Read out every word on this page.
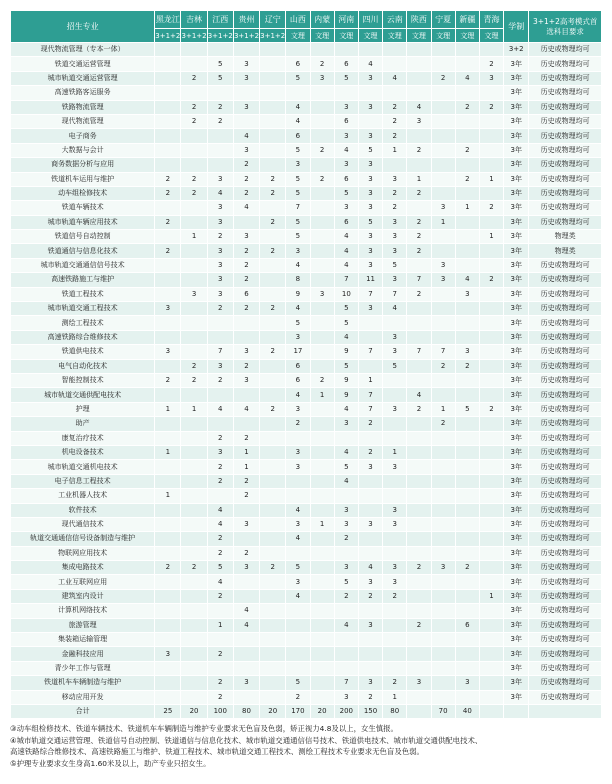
招生专业	黑龙江	吉林	江西	贵州	辽宁	山西	内蒙	河南	四川	云南	陕西	宁夏	新疆	青海	学制	3+1+2高考模式首选科目要求
	3+1+2	3+1+2	3+1+2	3+1+2	3+1+2	文理	文理	文理	文理	文理	文理	文理	文理	文理		
现代物流管理（专本一体）															3+2	历史或物理均可
铁道交通运营管理			5	3		6	2	6	4					2	3年	历史或物理均可
城市轨道交通运营管理		2	5	3		5	3	5	3	4		2	4	3	3年	历史或物理均可
高速铁路客运服务															3年	历史或物理均可
铁路物流管理		2	2	3		4		3	3	2	4		2	2	3年	历史或物理均可
现代物流管理		2	2			4		6		2	3				3年	历史或物理均可
电子商务				4		6		3	3	2					3年	历史或物理均可
大数据与会计				3		5	2	4	5	1	2		2		3年	历史或物理均可
商务数据分析与应用				2		3		3	3						3年	历史或物理均可
铁道机车运用与维护	2	2	3	2	2	5	2	6	3	3	1		2	1	3年	历史或物理均可
动车组检修技术	2	2	4	2	2	5		5	3	2	2				3年	历史或物理均可
铁道车辆技术			3	4		7		3	3	2		3	1	2	3年	历史或物理均可
城市轨道车辆应用技术	2		3		2	5		6	5	3	2	1			3年	历史或物理均可
铁道信号自动控制		1	2	3		5		4	3	3	2			1	3年	物理类
铁道通信与信息化技术	2		3	2	2	3		4	3	3	2				3年	物理类
城市轨道交通通信信号技术			3	2		4		4	3	5		3			3年	历史或物理均可
高速铁路施工与维护			3	2		8		7	11	3	7	3	4	2	3年	历史或物理均可
铁道工程技术		3	3	6		9	3	10	7	7	2		3		3年	历史或物理均可
城市轨道交通工程技术	3		2	2	2	4		5	3	4					3年	历史或物理均可
测绘工程技术						5		5							3年	历史或物理均可
高速铁路综合维修技术						3		4		3					3年	历史或物理均可
铁道供电技术	3		7	3	2	17		9	7	3	7	7	3		3年	历史或物理均可
电气自动化技术		2	3	2		6		5		5		2	2		3年	历史或物理均可
智能控制技术	2	2	2	3		6	2	9	1						3年	历史或物理均可
城市轨道交通供配电技术						4	1	9	7		4				3年	历史或物理均可
护理	1	1	4	4	2	3		4	7	3	2	1	5	2	3年	历史或物理均可
助产						2		3	2			2			3年	历史或物理均可
康复治疗技术			2	2											3年	历史或物理均可
机电设备技术	1		3	1		3		4	2	1					3年	历史或物理均可
城市轨道交通机电技术			2	1		3		5	3	3					3年	历史或物理均可
电子信息工程技术			2	2				4							3年	历史或物理均可
工业机器人技术	1			2											3年	历史或物理均可
软件技术			4			4		3		3					3年	历史或物理均可
现代通信技术			4	3		3	1	3	3	3					3年	历史或物理均可
轨道交通通信信号设备制造与维护			2			4		2							3年	历史或物理均可
物联网应用技术			2	2											3年	历史或物理均可
集成电路技术	2	2	5	3	2	5		3	4	3	2	3	2		3年	历史或物理均可
工业互联网应用			4			3		5	3	3					3年	历史或物理均可
建筑室内设计			2			4		2	2	2				1	3年	历史或物理均可
计算机网络技术				4											3年	历史或物理均可
旅游管理			1	4				4	3		2		6		3年	历史或物理均可
集装箱运输管理															3年	历史或物理均可
金融科技应用	3		2												3年	历史或物理均可
青少年工作与管理															3年	历史或物理均可
铁道机车车辆制造与维护			2	3		5		7	3	2	3		3		3年	历史或物理均可
移动应用开发			2			2		3	2	1					3年	历史或物理均可
合计	25	20	100	80	20	170	20	200	150	80		70	40			
③动车组检修技术、铁道车辆技术、铁道机车车辆制造与维护专业要求无色盲及色弱，矫正视力4.8及以上，女生慎报。
④城市轨道交通运营管理、铁道信号自动控制、铁道通信与信息化技术、城市轨道交通通信信号技术、铁道供电技术、城市轨道交通供配电技术、
高速铁路综合维修技术、高速铁路施工与维护、铁道工程技术、城市轨道交通工程技术、测绘工程技术专业要求无色盲及色弱。
⑤护理专业要求女生身高1.60米及以上，助产专业只招女生。
